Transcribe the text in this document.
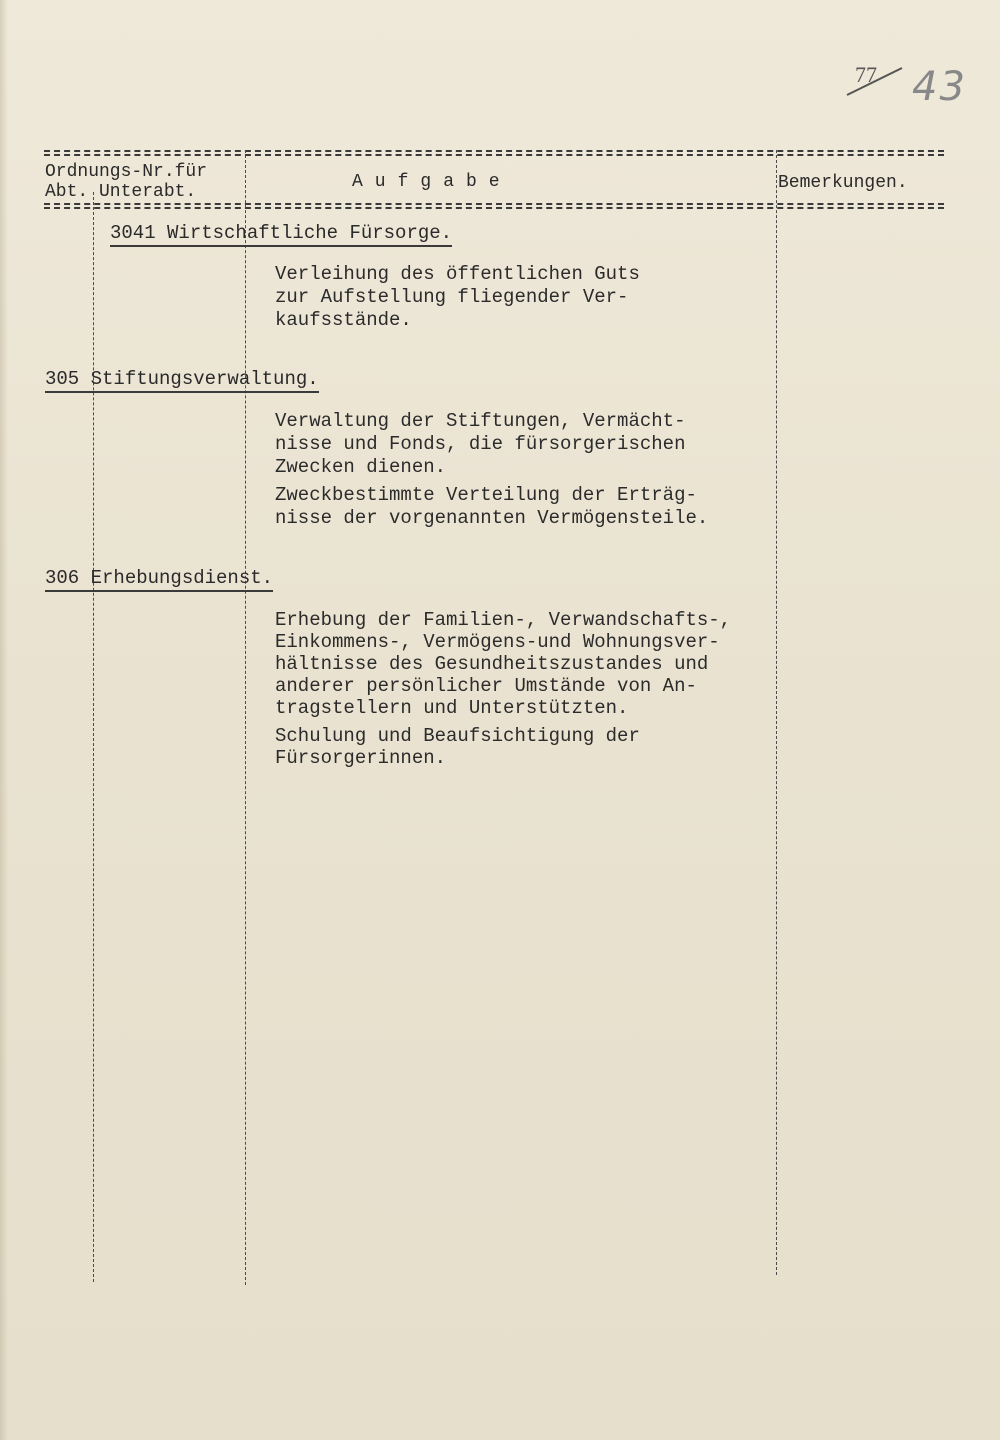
77 43
Ordnungs-Nr.für
Abt. Unterabt.	Aufgabe	Bemerkungen.
3041 Wirtschaftliche Fürsorge.
Verleihung des öffentlichen Guts
zur Aufstellung fliegender Ver-
kaufsstände.
305 Stiftungsverwaltung.
Verwaltung der Stiftungen, Vermächt-
nisse und Fonds, die fürsorgerischen
Zwecken dienen.
Zweckbestimmte Verteilung der Erträg-
nisse der vorgenannten Vermögensteile.
306 Erhebungsdienst.
Erhebung der Familien-, Verwandschafts-,
Einkommens-, Vermögens-und Wohnungsver-
hältnisse des Gesundheitszustandes und
anderer persönlicher Umstände von An-
tragstellern und Unterstützten.
Schulung und Beaufsichtigung der
Fürsorgerinnen.
